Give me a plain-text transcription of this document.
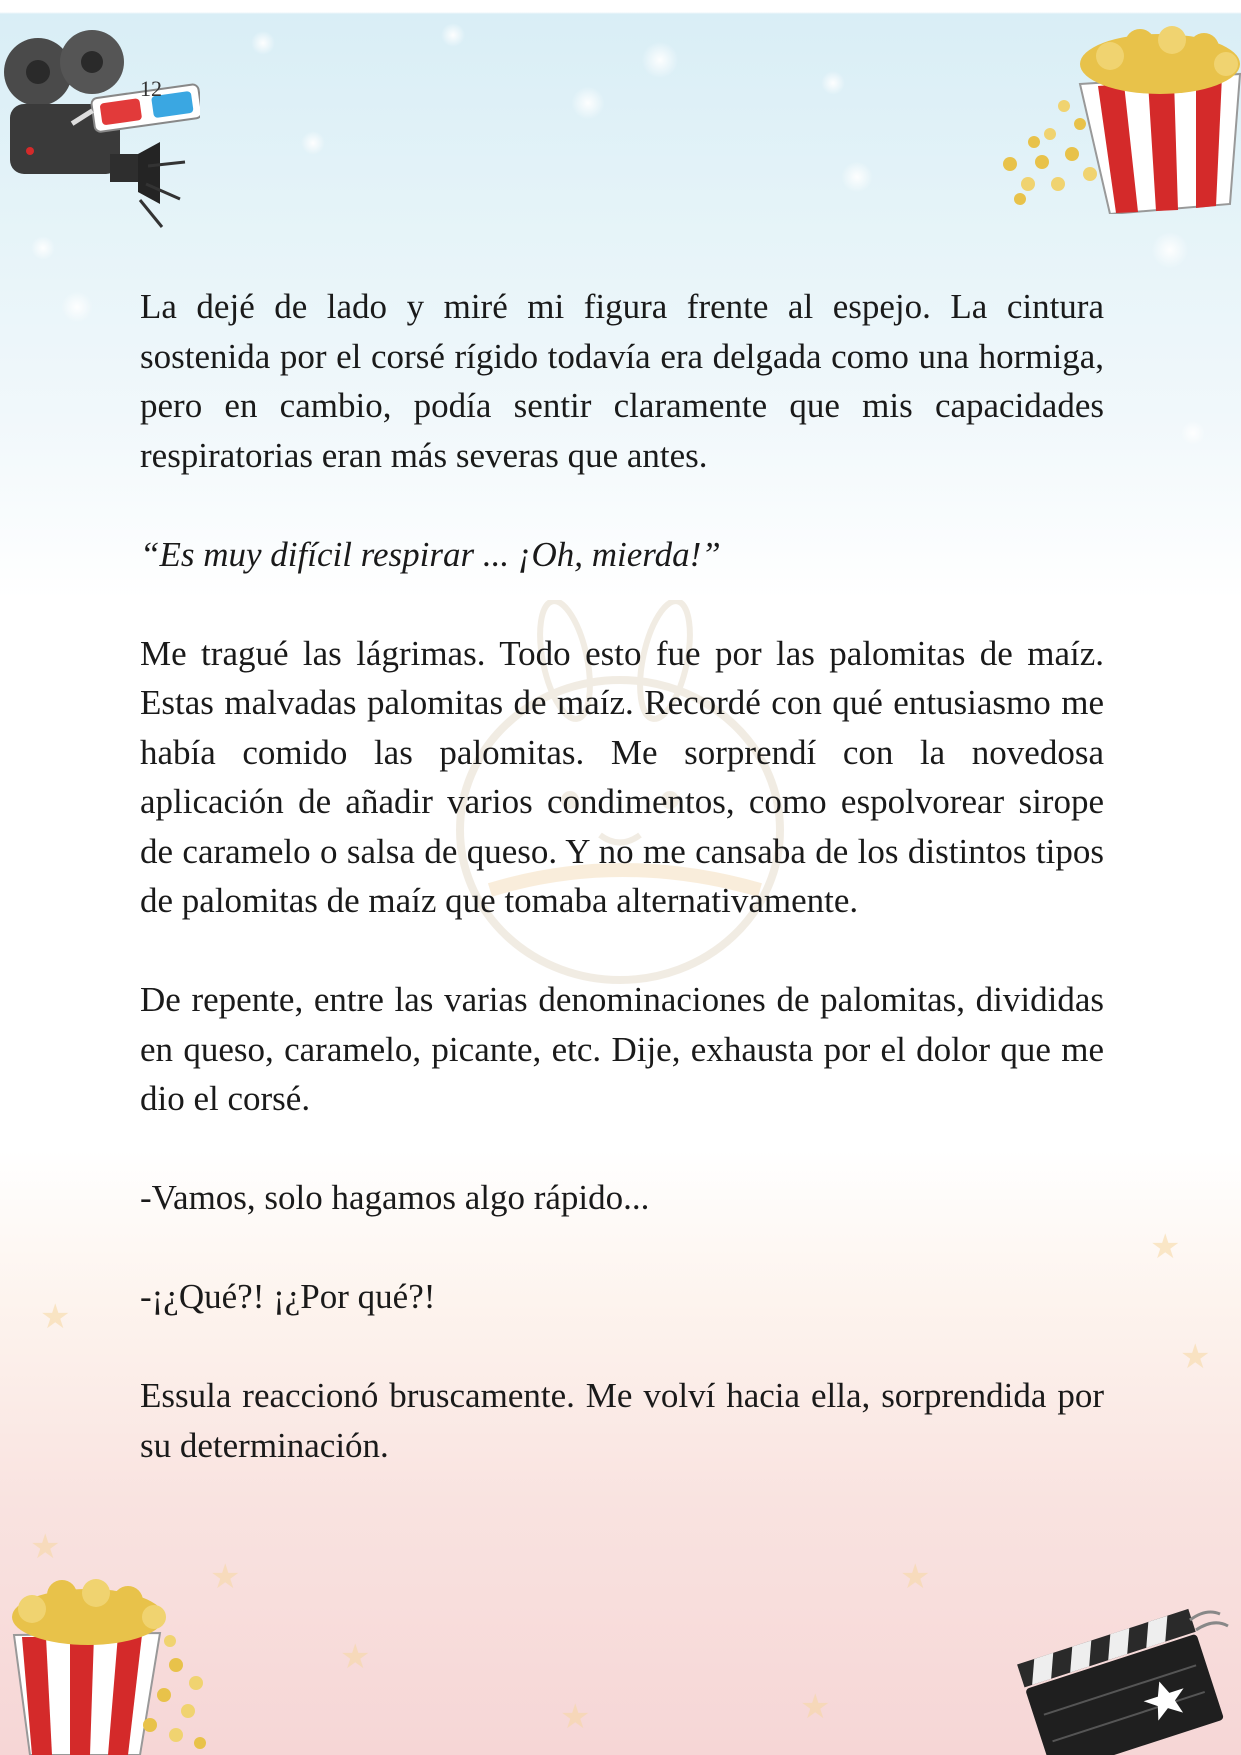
★
★
★
★
★
★	★
★
★
12

La dejé de lado y miré mi figura frente al espejo. La cintura sostenida por el corsé rígido todavía era delgada como una hormiga, pero en cambio, podía sentir claramente que mis capacidades respiratorias eran más severas que antes.

“Es muy difícil respirar ... ¡Oh, mierda!”

Me tragué las lágrimas. Todo esto fue por las palomitas de maíz. Estas malvadas palomitas de maíz. Recordé con qué entusiasmo me había comido las palomitas. Me sorprendí con la novedosa aplicación de añadir varios condimentos, como espolvorear sirope de caramelo o salsa de queso. Y no me cansaba de los distintos tipos de palomitas de maíz que tomaba alternativamente.

De repente, entre las varias denominaciones de palomitas, divididas en queso, caramelo, picante, etc. Dije, exhausta por el dolor que me dio el corsé.

-Vamos, solo hagamos algo rápido...

-¡¿Qué?! ¡¿Por qué?!

Essula reaccionó bruscamente. Me volví hacia ella, sorprendida por su determinación.
